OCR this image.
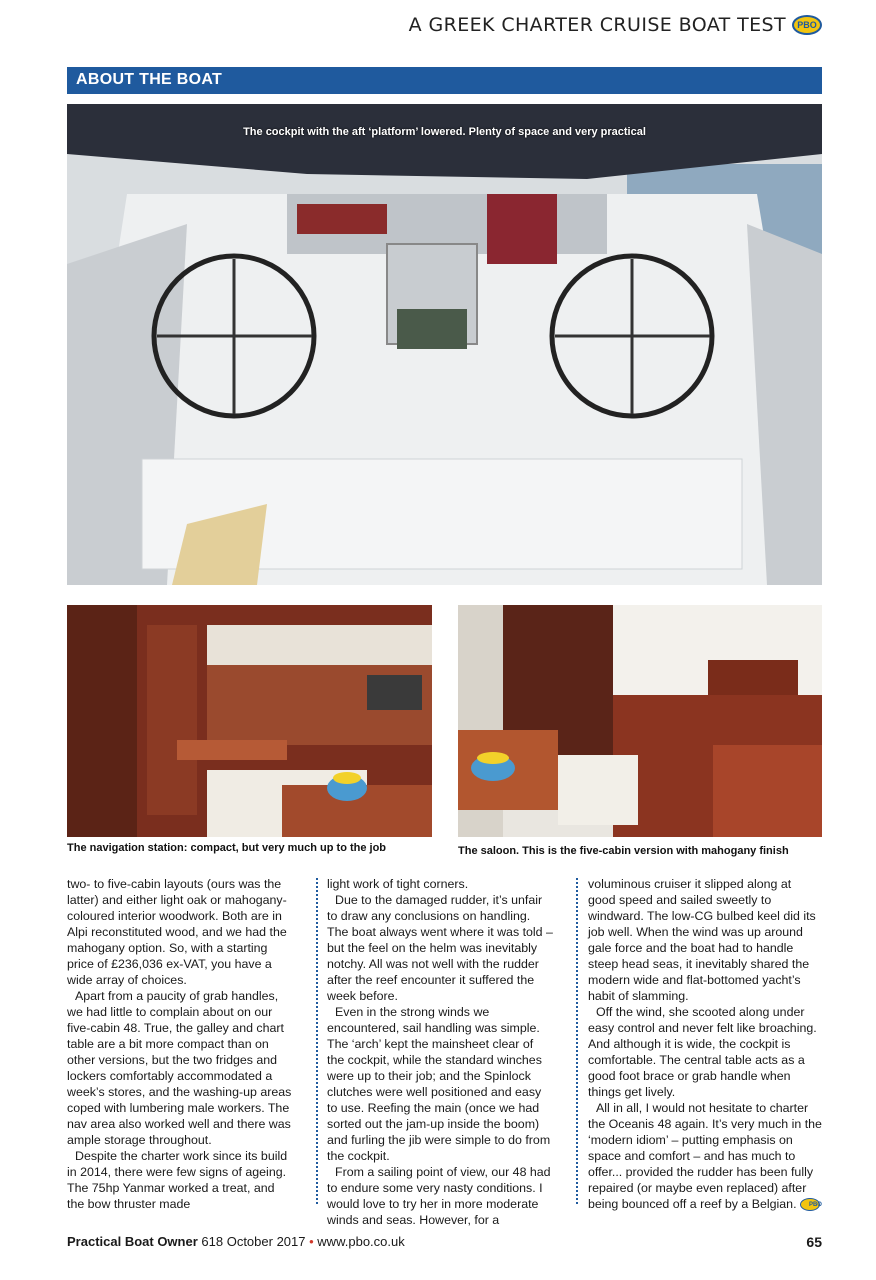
A GREEK CHARTER CRUISE BOAT TEST	PBO
ABOUT THE BOAT
The cockpit with the aft ‘platform’ lowered. Plenty of space and very practical
The navigation station: compact, but very much up to the job	The saloon. This is the five-cabin version with mahogany finish

two- to five-cabin layouts (ours was the latter) and either light oak or mahogany-coloured interior woodwork. Both are in Alpi reconstituted wood, and we had the mahogany option. So, with a starting price of £236,036 ex-VAT, you have a wide array of choices.

Apart from a paucity of grab handles, we had little to complain about on our five-cabin 48. True, the galley and chart table are a bit more compact than on other versions, but the two fridges and lockers comfortably accommodated a week’s stores, and the washing-up areas coped with lumbering male workers. The nav area also worked well and there was ample storage throughout.

Despite the charter work since its build in 2014, there were few signs of ageing. The 75hp Yanmar worked a treat, and the bow thruster made

light work of tight corners.

Due to the damaged rudder, it’s unfair to draw any conclusions on handling. The boat always went where it was told – but the feel on the helm was inevitably notchy. All was not well with the rudder after the reef encounter it suffered the week before.

Even in the strong winds we encountered, sail handling was simple. The ‘arch’ kept the mainsheet clear of the cockpit, while the standard winches were up to their job; and the Spinlock clutches were well positioned and easy to use. Reefing the main (once we had sorted out the jam-up inside the boom) and furling the jib were simple to do from the cockpit.

From a sailing point of view, our 48 had to endure some very nasty conditions. I would love to try her in more moderate winds and seas. However, for a

voluminous cruiser it slipped along at good speed and sailed sweetly to windward. The low-CG bulbed keel did its job well. When the wind was up around gale force and the boat had to handle steep head seas, it inevitably shared the modern wide and flat-bottomed yacht’s habit of slamming.

Off the wind, she scooted along under easy control and never felt like broaching. And although it is wide, the cockpit is comfortable. The central table acts as a good foot brace or grab handle when things get lively.

All in all, I would not hesitate to charter the Oceanis 48 again. It’s very much in the ‘modern idiom’ – putting emphasis on space and comfort – and has much to offer... provided the rudder has been fully repaired (or maybe even replaced) after being bounced off a reef by a Belgian. PBO

Practical Boat Owner 618 October 2017 • www.pbo.co.uk	65
